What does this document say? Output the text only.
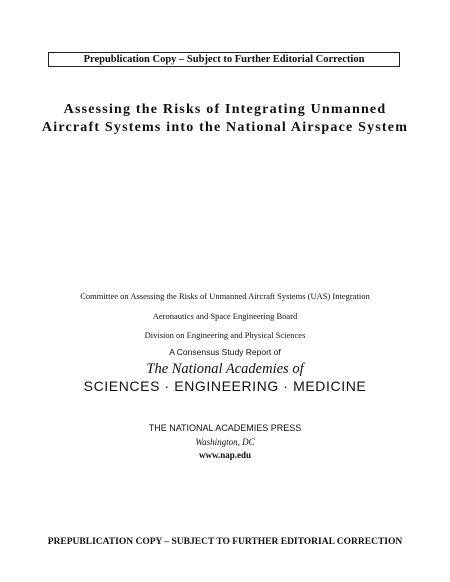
Prepublication Copy – Subject to Further Editorial Correction
Assessing the Risks of Integrating Unmanned
Aircraft Systems into the National Airspace System
Committee on Assessing the Risks of Unmanned Aircraft Systems (UAS) Integration
Aeronautics and Space Engineering Board
Division on Engineering and Physical Sciences
A Consensus Study Report of
The National Academies of
SCIENCES · ENGINEERING · MEDICINE
THE NATIONAL ACADEMIES PRESS
Washington, DC
www.nap.edu
PREPUBLICATION COPY – SUBJECT TO FURTHER EDITORIAL CORRECTION
